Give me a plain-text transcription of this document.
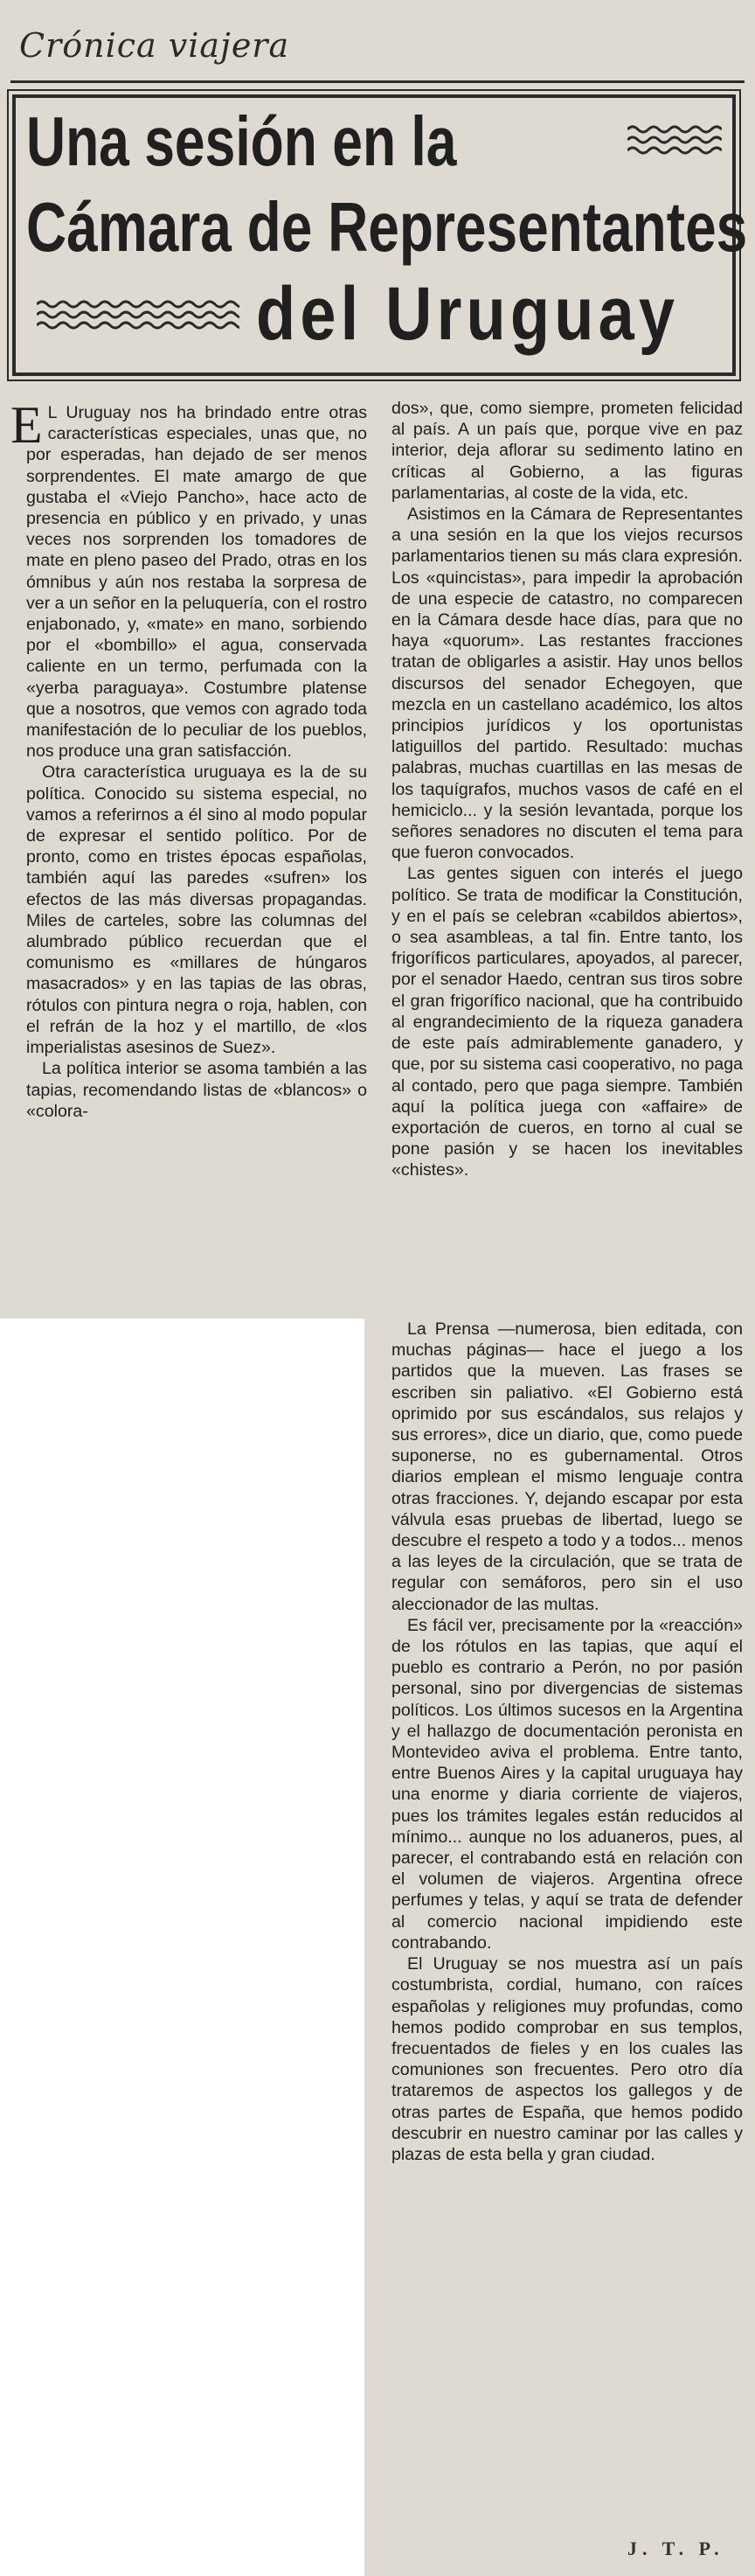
Crónica viajera
Una sesión en la
Cámara de Representantes
del Uruguay

E L Uruguay nos ha brindado entre otras características especiales, unas que, no por esperadas, han dejado de ser menos sorprendentes. El mate amargo de que gustaba el «Viejo Pancho», hace acto de presencia en público y en privado, y unas veces nos sorprenden los tomadores de mate en pleno paseo del Prado, otras en los ómnibus y aún nos restaba la sorpresa de ver a un señor en la peluquería, con el rostro enjabonado, y, «mate» en mano, sorbiendo por el «bombillo» el agua, conservada caliente en un termo, perfumada con la «yerba paraguaya». Costumbre platense que a nosotros, que vemos con agrado toda manifestación de lo peculiar de los pueblos, nos produce una gran satisfacción.

Otra característica uruguaya es la de su política. Conocido su sistema especial, no vamos a referirnos a él sino al modo popular de expresar el sentido político. Por de pronto, como en tristes épocas españolas, también aquí las paredes «sufren» los efectos de las más diversas propagandas. Miles de carteles, sobre las columnas del alumbrado público recuerdan que el comunismo es «millares de húngaros masacrados» y en las tapias de las obras, rótulos con pintura negra o roja, hablen, con el refrán de la hoz y el martillo, de «los imperialistas asesinos de Suez».

La política interior se asoma también a las tapias, recomendando listas de «blancos» o «colora-

dos», que, como siempre, prometen felicidad al país. A un país que, porque vive en paz interior, deja aflorar su sedimento latino en críticas al Gobierno, a las figuras parlamentarias, al coste de la vida, etc.

Asistimos en la Cámara de Representantes a una sesión en la que los viejos recursos parlamentarios tienen su más clara expresión. Los «quincistas», para impedir la aprobación de una especie de catastro, no comparecen en la Cámara desde hace días, para que no haya «quorum». Las restantes fracciones tratan de obligarles a asistir. Hay unos bellos discursos del senador Echegoyen, que mezcla en un castellano académico, los altos principios jurídicos y los oportunistas latiguillos del partido. Resultado: muchas palabras, muchas cuartillas en las mesas de los taquígrafos, muchos vasos de café en el hemiciclo... y la sesión levantada, porque los señores senadores no discuten el tema para que fueron convocados.

Las gentes siguen con interés el juego político. Se trata de modificar la Constitución, y en el país se celebran «cabildos abiertos», o sea asambleas, a tal fin. Entre tanto, los frigoríficos particulares, apoyados, al parecer, por el senador Haedo, centran sus tiros sobre el gran frigorífico nacional, que ha contribuido al engrandecimiento de la riqueza ganadera de este país admirablemente ganadero, y que, por su sistema casi cooperativo, no paga al contado, pero que paga siempre. También aquí la política juega con «affaire» de exportación de cueros, en torno al cual se pone pasión y se hacen los inevitables «chistes».

La Prensa —numerosa, bien editada, con muchas páginas— hace el juego a los partidos que la mueven. Las frases se escriben sin paliativo. «El Gobierno está oprimido por sus escándalos, sus relajos y sus errores», dice un diario, que, como puede suponerse, no es gubernamental. Otros diarios emplean el mismo lenguaje contra otras fracciones. Y, dejando escapar por esta válvula esas pruebas de libertad, luego se descubre el respeto a todo y a todos... menos a las leyes de la circulación, que se trata de regular con semáforos, pero sin el uso aleccionador de las multas.

Es fácil ver, precisamente por la «reacción» de los rótulos en las tapias, que aquí el pueblo es contrario a Perón, no por pasión personal, sino por divergencias de sistemas políticos. Los últimos sucesos en la Argentina y el hallazgo de documentación peronista en Montevideo aviva el problema. Entre tanto, entre Buenos Aires y la capital uruguaya hay una enorme y diaria corriente de viajeros, pues los trámites legales están reducidos al mínimo... aunque no los aduaneros, pues, al parecer, el contrabando está en relación con el volumen de viajeros. Argentina ofrece perfumes y telas, y aquí se trata de defender al comercio nacional impidiendo este contrabando.

El Uruguay se nos muestra así un país costumbrista, cordial, humano, con raíces españolas y religiones muy profundas, como hemos podido comprobar en sus templos, frecuentados de fieles y en los cuales las comuniones son frecuentes. Pero otro día trataremos de aspectos los gallegos y de otras partes de España, que hemos podido descubrir en nuestro caminar por las calles y plazas de esta bella y gran ciudad.

J. T. P.
